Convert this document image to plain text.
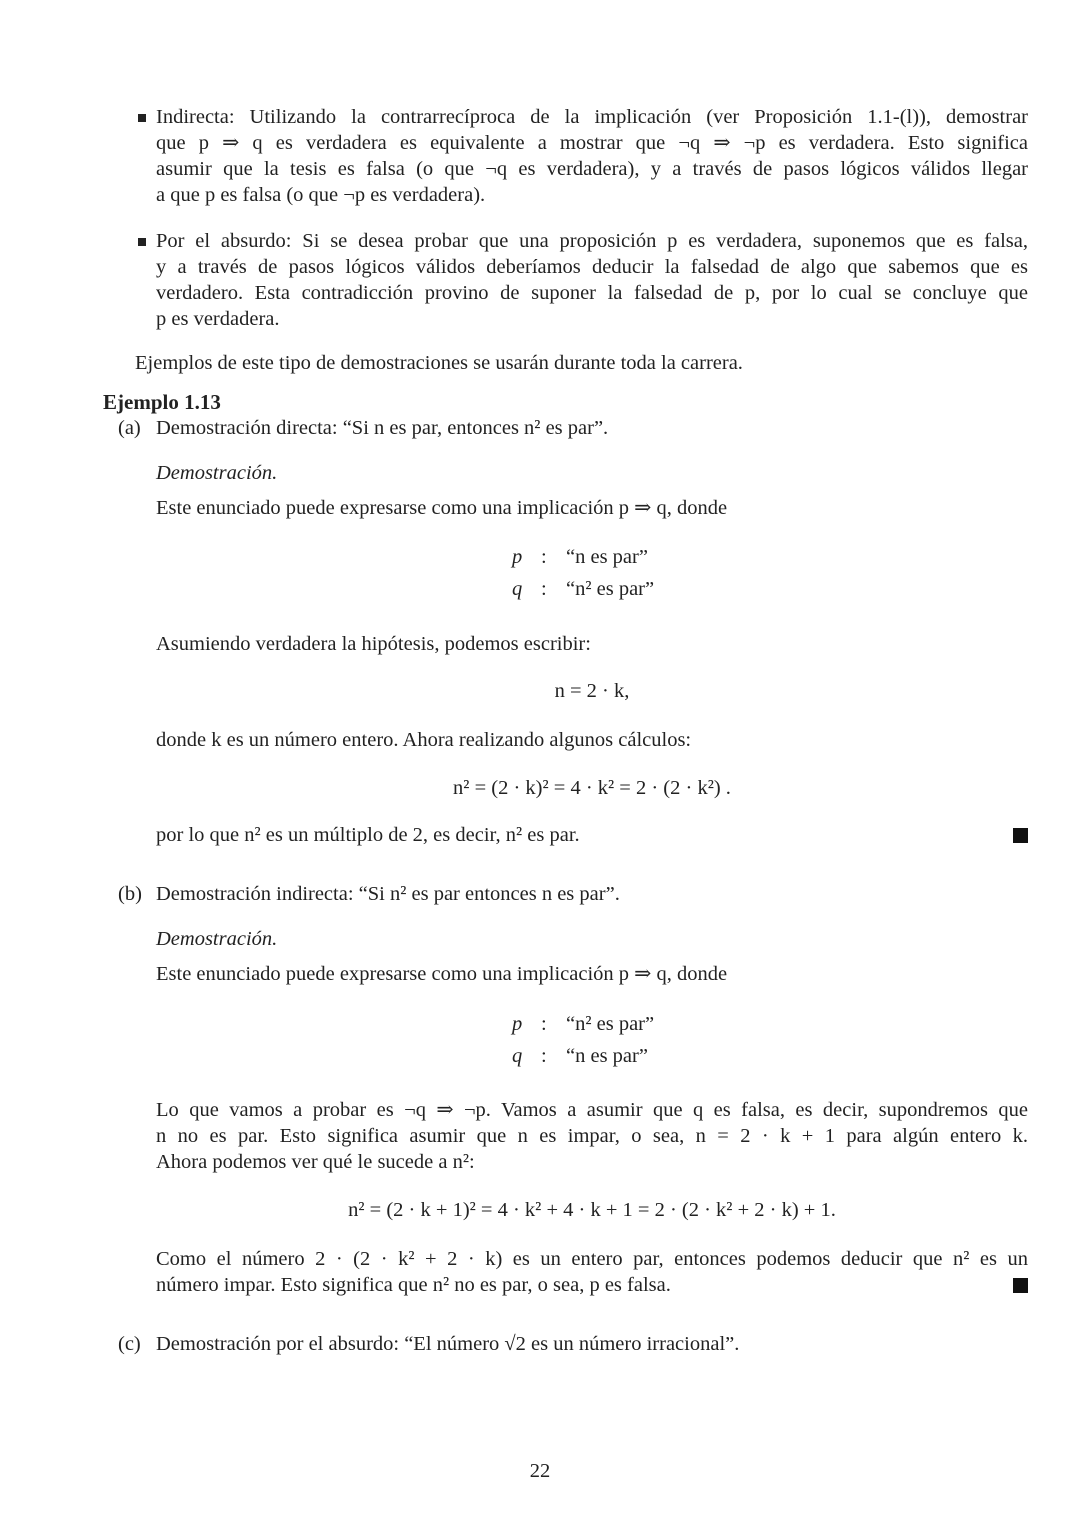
Indirecta: Utilizando la contrarrecíproca de la implicación (ver Proposición 1.1-(l)), demostrar
que p ⇒ q es verdadera es equivalente a mostrar que ¬q ⇒ ¬p es verdadera. Esto significa
asumir que la tesis es falsa (o que ¬q es verdadera), y a través de pasos lógicos válidos llegar
a que p es falsa (o que ¬p es verdadera).
Por el absurdo: Si se desea probar que una proposición p es verdadera, suponemos que es falsa,
y a través de pasos lógicos válidos deberíamos deducir la falsedad de algo que sabemos que es
verdadero. Esta contradicción provino de suponer la falsedad de p, por lo cual se concluye que
p es verdadera.
Ejemplos de este tipo de demostraciones se usarán durante toda la carrera.
Ejemplo 1.13
(a) Demostración directa: “Si n es par, entonces n² es par”.
Demostración.
Este enunciado puede expresarse como una implicación p ⇒ q, donde
p : “n es par”
q : “n² es par”
Asumiendo verdadera la hipótesis, podemos escribir:
n = 2 · k,
donde k es un número entero. Ahora realizando algunos cálculos:
n² = (2 · k)² = 4 · k² = 2 · (2 · k²) .
por lo que n² es un múltiplo de 2, es decir, n² es par.
(b) Demostración indirecta: “Si n² es par entonces n es par”.
Demostración.
Este enunciado puede expresarse como una implicación p ⇒ q, donde
p : “n² es par”
q : “n es par”
Lo que vamos a probar es ¬q ⇒ ¬p. Vamos a asumir que q es falsa, es decir, supondremos que
n no es par. Esto significa asumir que n es impar, o sea, n = 2 · k + 1 para algún entero k.
Ahora podemos ver qué le sucede a n²:
n² = (2 · k + 1)² = 4 · k² + 4 · k + 1 = 2 · (2 · k² + 2 · k) + 1.
Como el número 2 · (2 · k² + 2 · k) es un entero par, entonces podemos deducir que n² es un
número impar. Esto significa que n² no es par, o sea, p es falsa.
(c) Demostración por el absurdo: “El número √2 es un número irracional”.
22
